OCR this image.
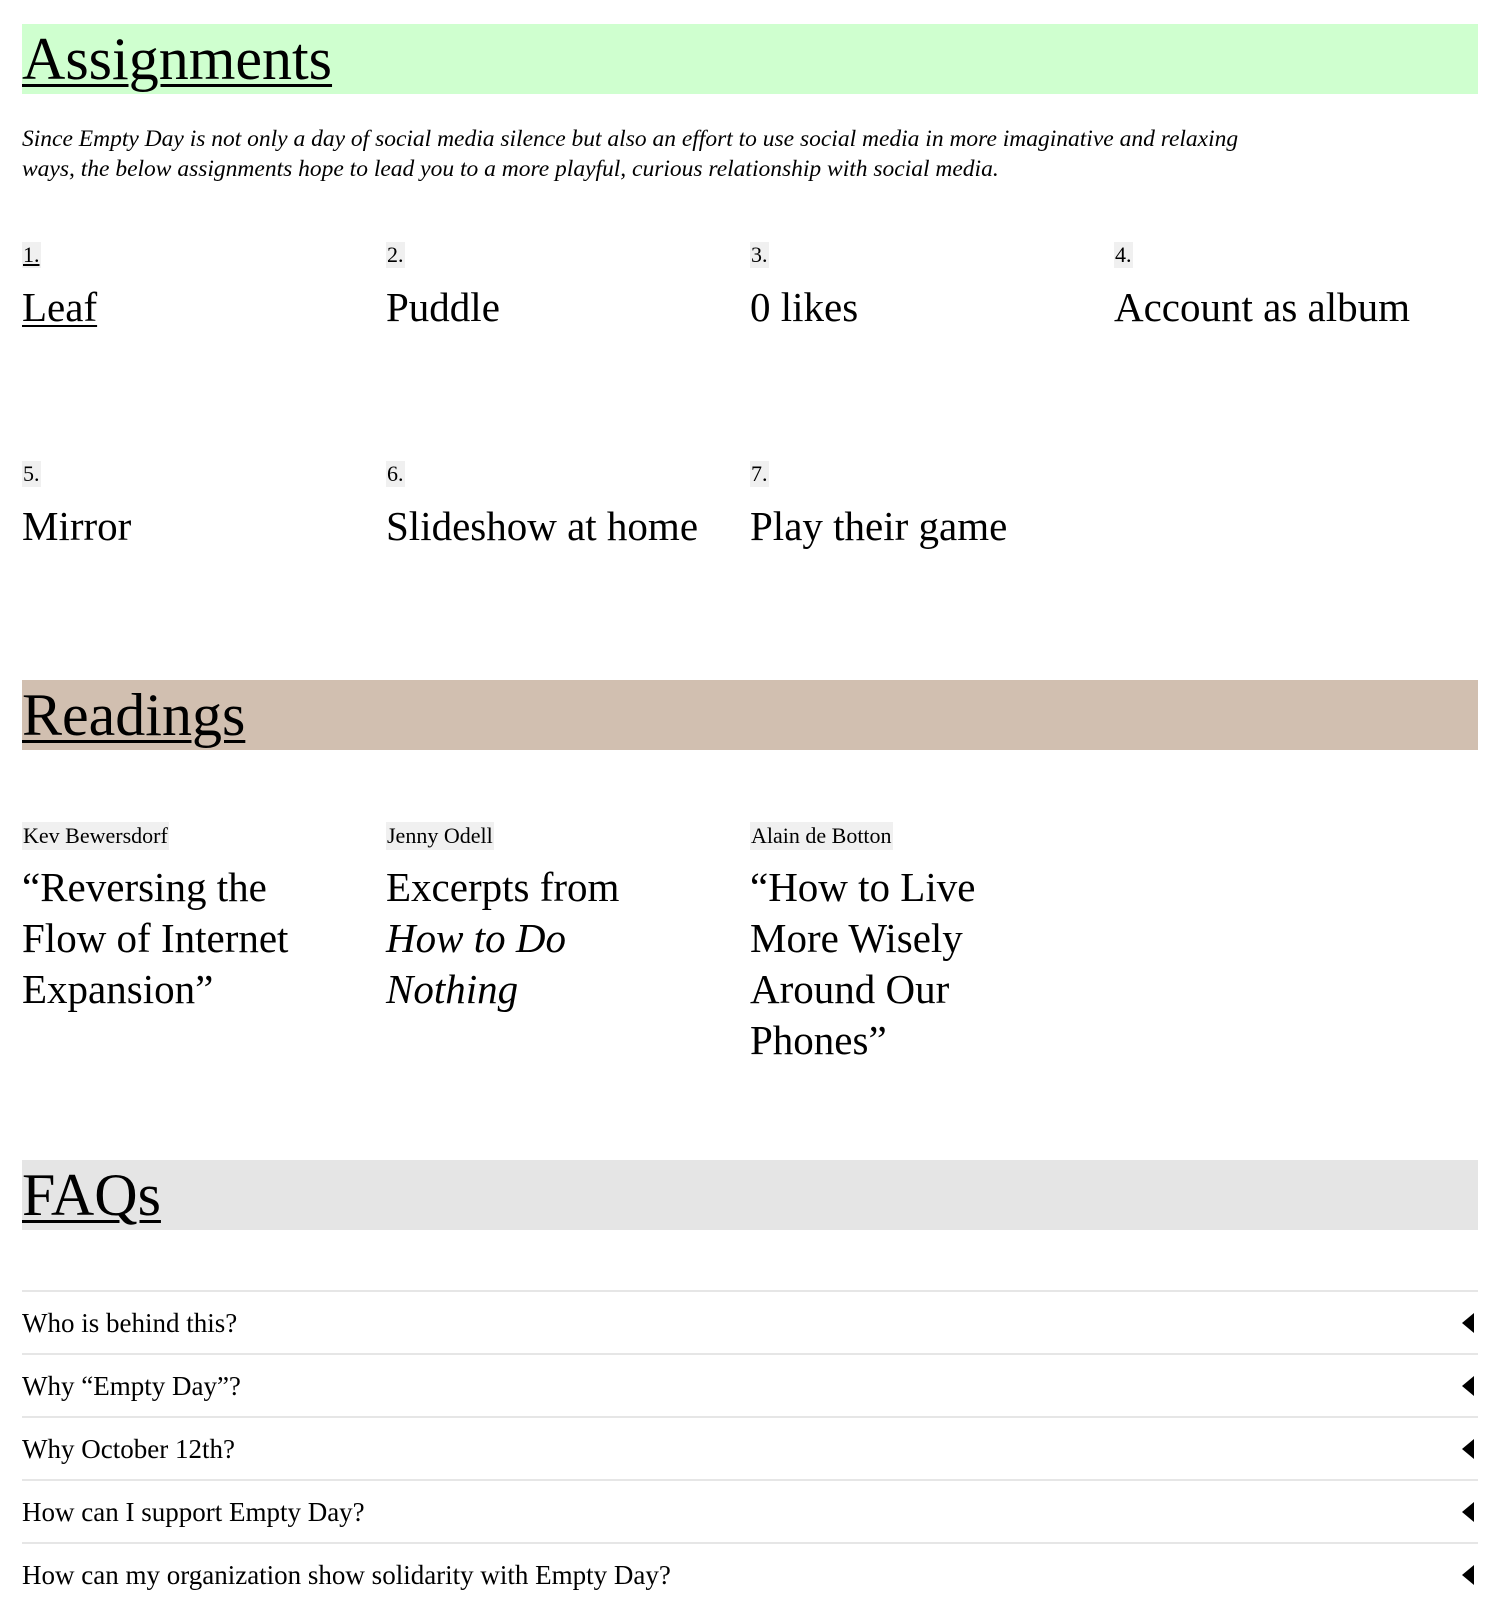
Assignments

Since Empty Day is not only a day of social media silence but also an effort to use social media in more imaginative and relaxing ways, the below assignments hope to lead you to a more playful, curious relationship with social media.

1.
Leaf
2.
Puddle
3.
0 likes
4.
Account as album
5.
Mirror
6.
Slideshow at home
7.
Play their game
Readings
Kev Bewersdorf
“Reversing the Flow of Internet Expansion”
Jenny Odell
Excerpts from How to Do Nothing
Alain de Botton
“How to Live More Wisely Around Our Phones”
FAQs
Who is behind this?
Why “Empty Day”?
Why October 12th?
How can I support Empty Day?
How can my organization show solidarity with Empty Day?
